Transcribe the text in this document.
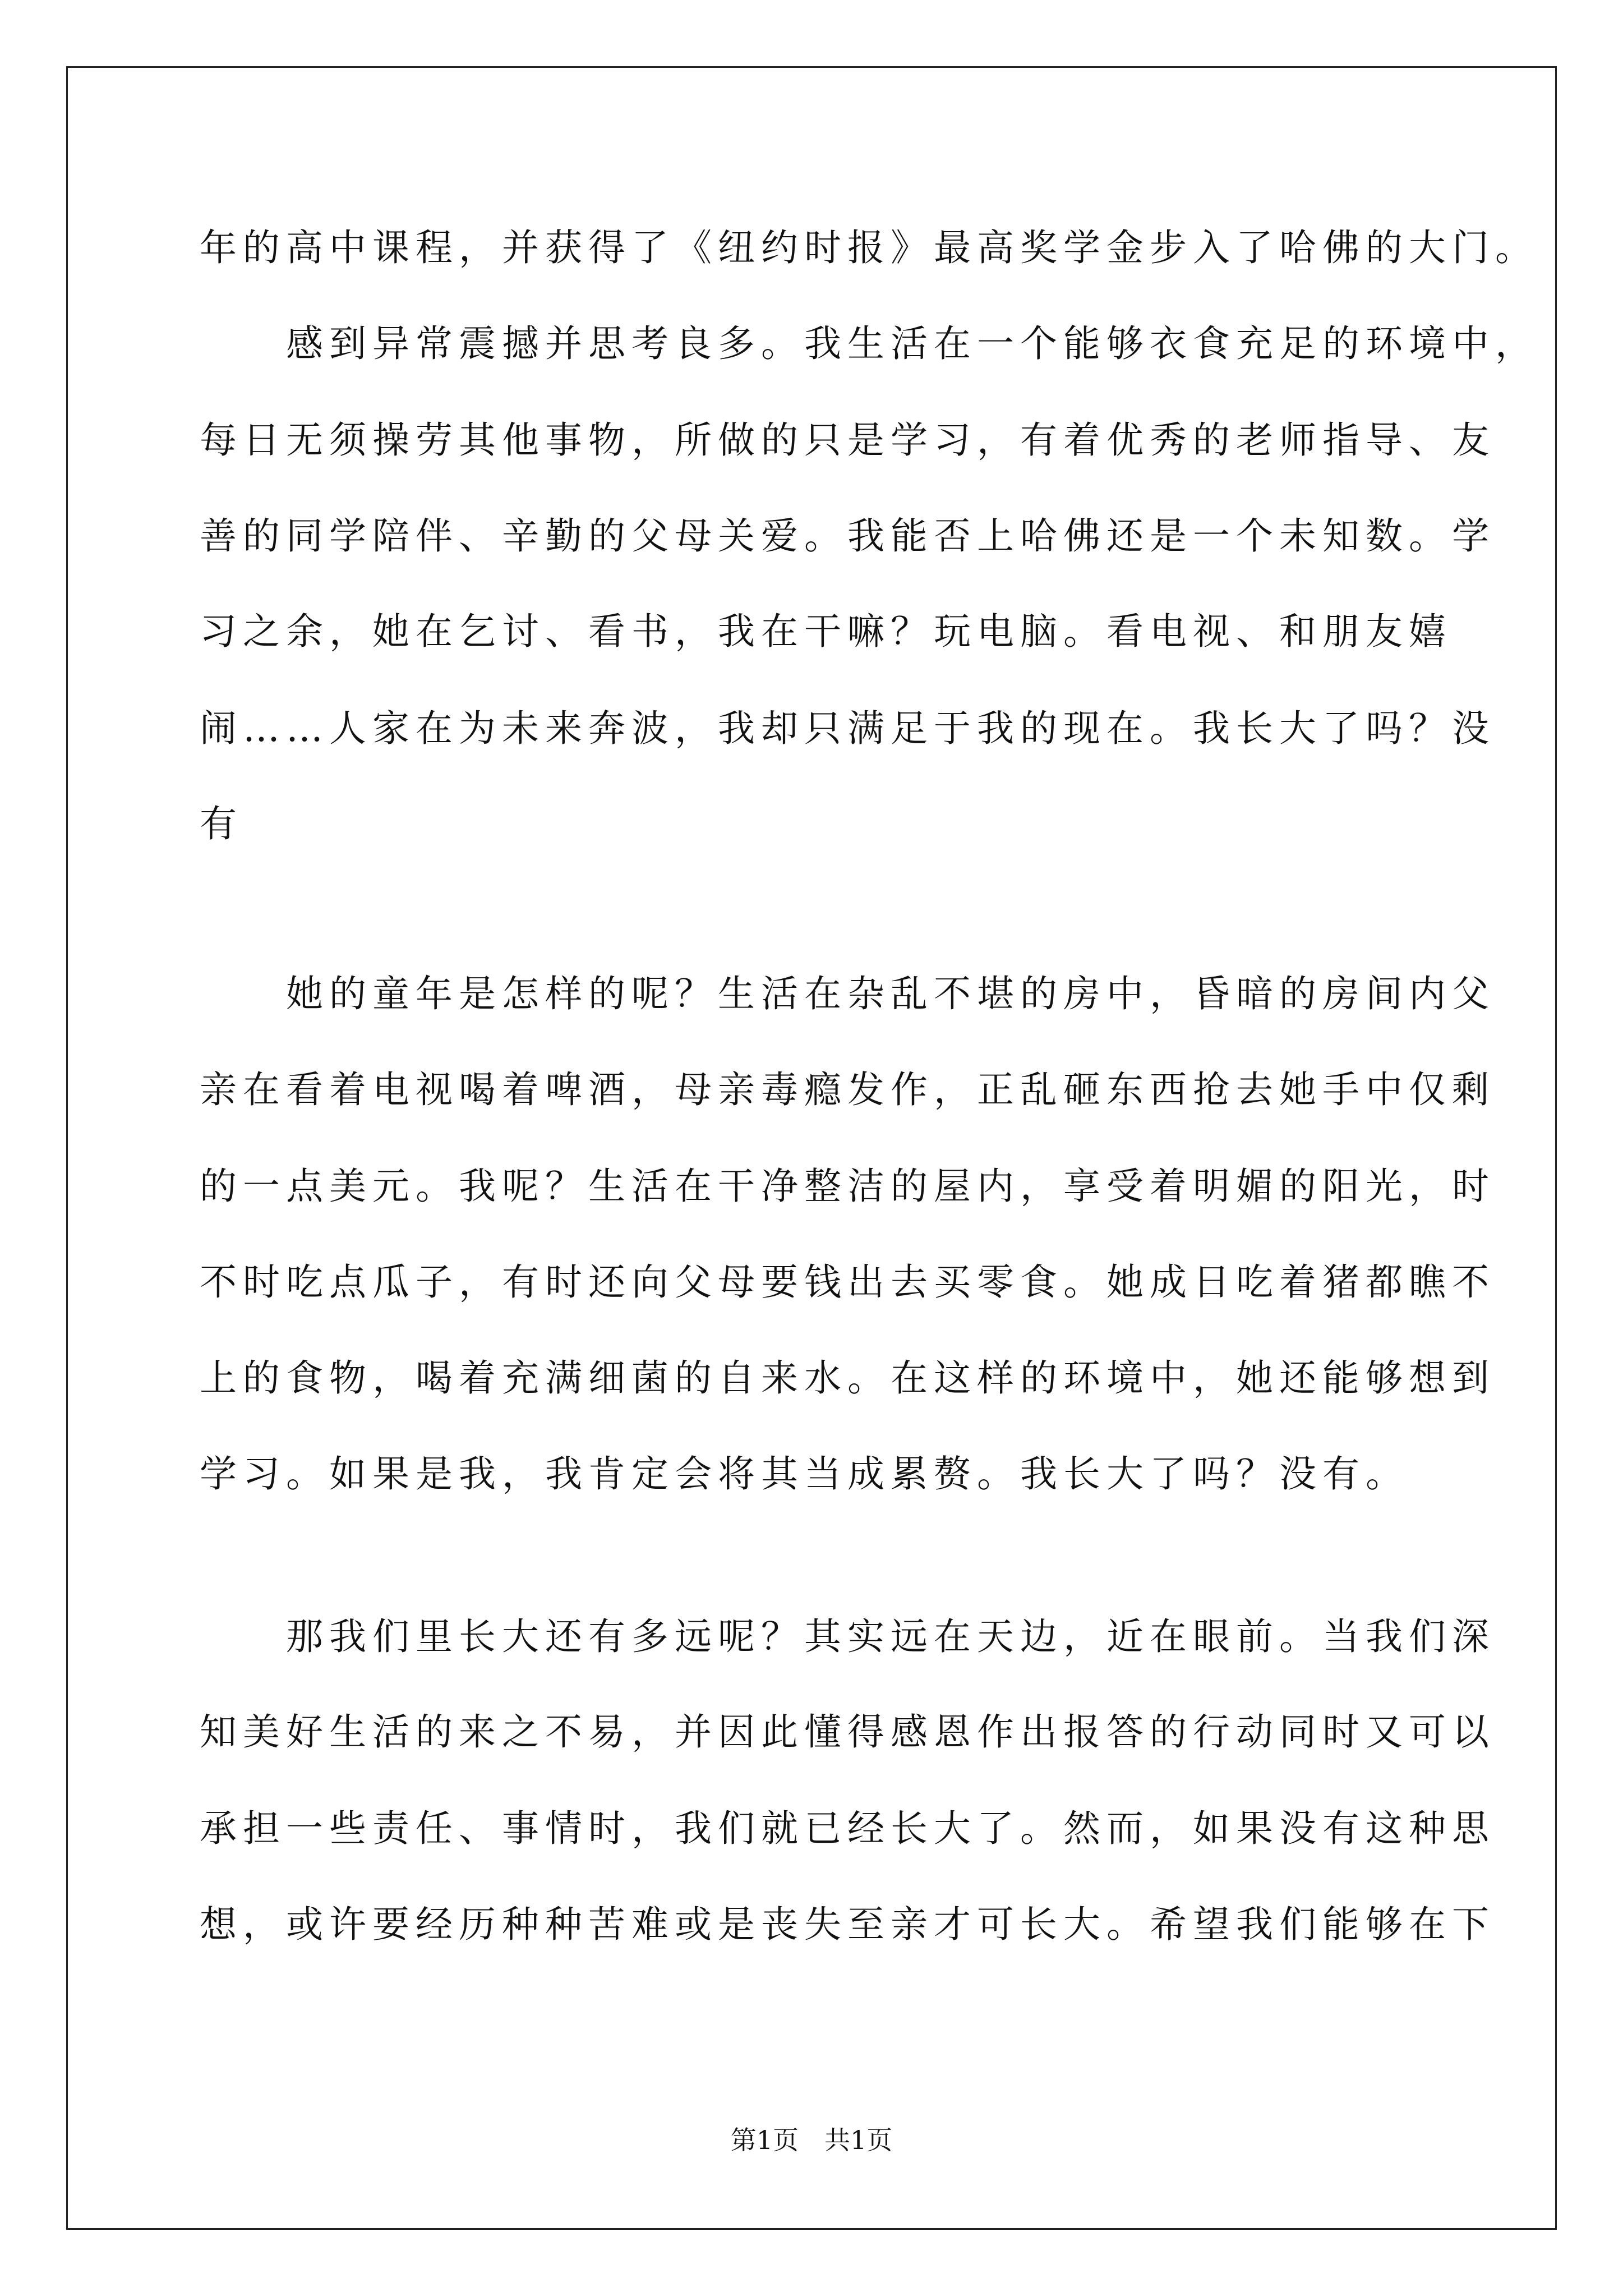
年的高中课程，并获得了《纽约时报》最高奖学金步入了哈佛的大门。
　　感到异常震撼并思考良多。我生活在一个能够衣食充足的环境中，
每日无须操劳其他事物，所做的只是学习，有着优秀的老师指导、友
善的同学陪伴、辛勤的父母关爱。我能否上哈佛还是一个未知数。学
习之余，她在乞讨、看书，我在干嘛？玩电脑。看电视、和朋友嬉
闹……人家在为未来奔波，我却只满足于我的现在。我长大了吗？没
有
　　她的童年是怎样的呢？生活在杂乱不堪的房中，昏暗的房间内父
亲在看着电视喝着啤酒，母亲毒瘾发作，正乱砸东西抢去她手中仅剩
的一点美元。我呢？生活在干净整洁的屋内，享受着明媚的阳光，时
不时吃点瓜子，有时还向父母要钱出去买零食。她成日吃着猪都瞧不
上的食物，喝着充满细菌的自来水。在这样的环境中，她还能够想到
学习。如果是我，我肯定会将其当成累赘。我长大了吗？没有。
　　那我们里长大还有多远呢？其实远在天边，近在眼前。当我们深
知美好生活的来之不易，并因此懂得感恩作出报答的行动同时又可以
承担一些责任、事情时，我们就已经长大了。然而，如果没有这种思
想，或许要经历种种苦难或是丧失至亲才可长大。希望我们能够在下
第1页　共1页
